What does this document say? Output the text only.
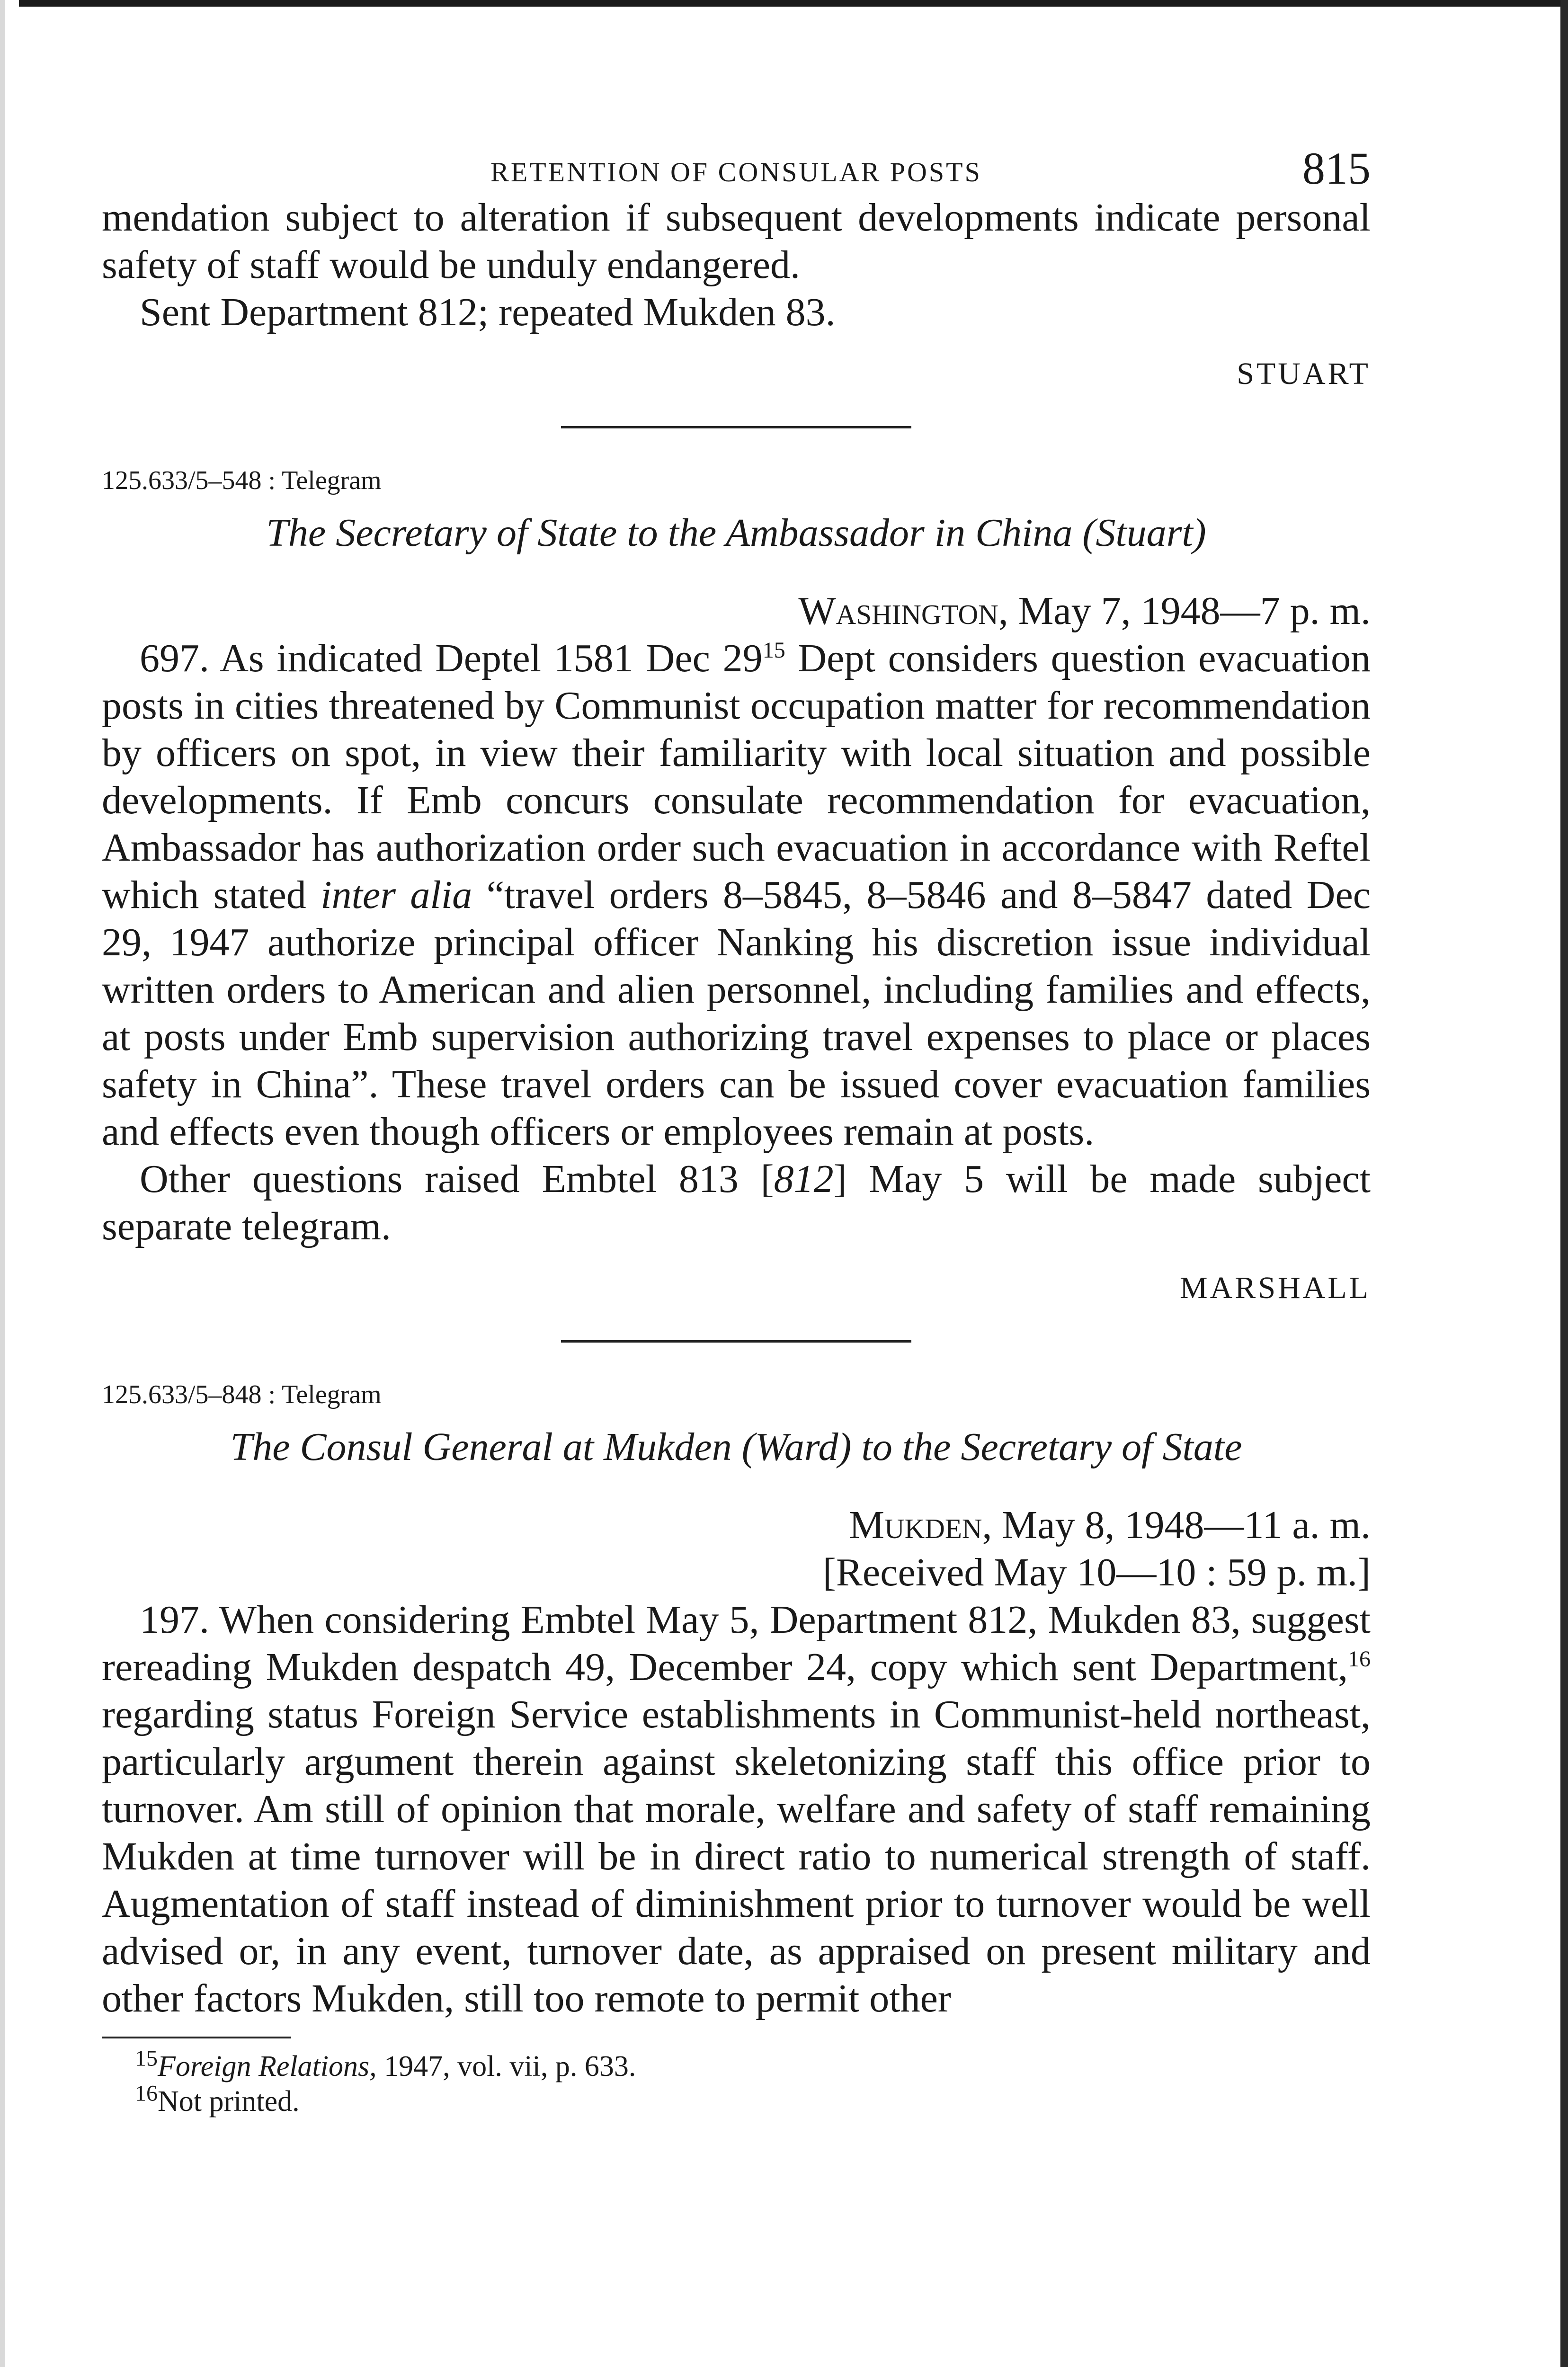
RETENTION OF CONSULAR POSTS	815

mendation subject to alteration if subsequent developments indicate personal safety of staff would be unduly endangered.

Sent Department 812; repeated Mukden 83.

STUART
125.633/5–548 : Telegram
The Secretary of State to the Ambassador in China (Stuart)
Washington, May 7, 1948—7 p. m.

697. As indicated Deptel 1581 Dec $29^{15}$ Dept considers question evacuation posts in cities threatened by Communist occupation matter for recommendation by officers on spot, in view their familiarity with local situation and possible developments. If Emb concurs consulate recommendation for evacuation, Ambassador has authorization order such evacuation in accordance with Reftel which stated inter alia “travel orders 8–5845, 8–5846 and 8–5847 dated Dec 29, 1947 authorize principal officer Nanking his discretion issue individual written orders to American and alien personnel, including families and effects, at posts under Emb supervision authorizing travel expenses to place or places safety in China”. These travel orders can be issued cover evacuation families and effects even though officers or employees remain at posts.

Other questions raised Embtel 813 [812] May 5 will be made subject separate telegram.

MARSHALL
125.633/5–848 : Telegram
The Consul General at Mukden (Ward) to the Secretary of State
Mukden, May 8, 1948—11 a. m.
[Received May 10—10 : 59 p. m.]

197. When considering Embtel May 5, Department 812, Mukden 83, suggest rereading Mukden despatch 49, December 24, copy which sent Department,$^{16}$ regarding status Foreign Service establishments in Communist-held northeast, particularly argument therein against skeletonizing staff this office prior to turnover. Am still of opinion that morale, welfare and safety of staff remaining Mukden at time turnover will be in direct ratio to numerical strength of staff. Augmentation of staff instead of diminishment prior to turnover would be well advised or, in any event, turnover date, as appraised on present military and other factors Mukden, still too remote to permit other

$^{15}$Foreign Relations, 1947, vol. vii, p. 633.
$^{16}$Not printed.
